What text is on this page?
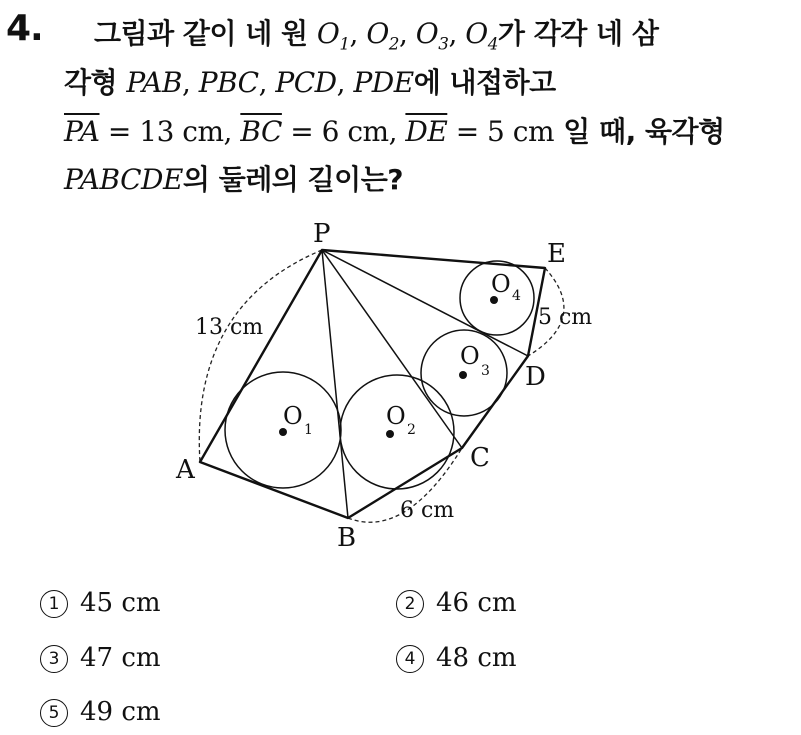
4. 그림과 같이 네 원 $O_1$, $O_2$, $O_3$, $O_4$가 각각 네 삼
각형 PAB, PBC, PCD, PDE에 내접하고
$\overline{PA} = 13$ cm, $\overline{BC} = 6$ cm, $\overline{DE} = 5$ cm 일 때, 육각형
PABCDE의 둘레의 길이는?
P
A
B
C
D
E
O 1	O 2
O
3
O 4
13 cm
6 cm
5 cm
1 45 cm	2 46 cm
3 47 cm	4 48 cm
5 49 cm
